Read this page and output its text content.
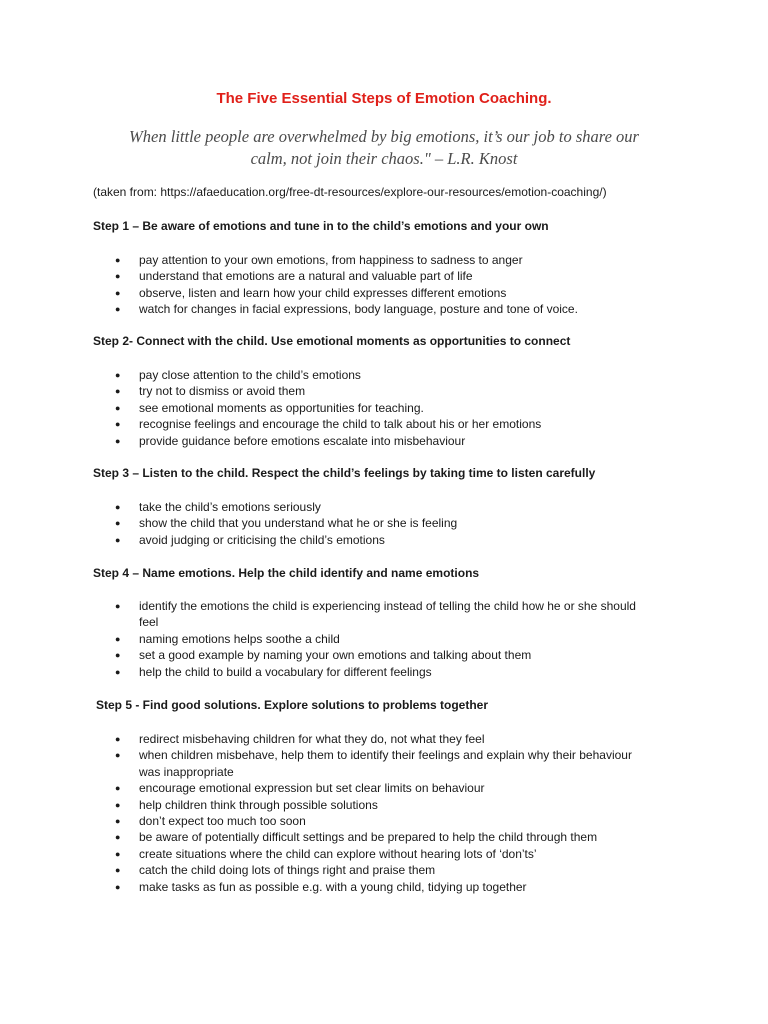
The Five Essential Steps of Emotion Coaching.

When little people are overwhelmed by big emotions, it’s our job to share our
calm, not join their chaos." – L.R. Knost

(taken from: https://afaeducation.org/free-dt-resources/explore-our-resources/emotion-coaching/)

Step 1 – Be aware of emotions and tune in to the child’s emotions and your own

● pay attention to your own emotions, from happiness to sadness to anger
● understand that emotions are a natural and valuable part of life
● observe, listen and learn how your child expresses different emotions
● watch for changes in facial expressions, body language, posture and tone of voice.

Step 2- Connect with the child. Use emotional moments as opportunities to connect

● pay close attention to the child’s emotions
● try not to dismiss or avoid them
● see emotional moments as opportunities for teaching.
● recognise feelings and encourage the child to talk about his or her emotions
● provide guidance before emotions escalate into misbehaviour

Step 3 – Listen to the child. Respect the child’s feelings by taking time to listen carefully

● take the child’s emotions seriously
● show the child that you understand what he or she is feeling
● avoid judging or criticising the child’s emotions

Step 4 – Name emotions. Help the child identify and name emotions

● identify the emotions the child is experiencing instead of telling the child how he or she should feel
● naming emotions helps soothe a child
● set a good example by naming your own emotions and talking about them
● help the child to build a vocabulary for different feelings

Step 5 - Find good solutions. Explore solutions to problems together

● redirect misbehaving children for what they do, not what they feel
● when children misbehave, help them to identify their feelings and explain why their behaviour was inappropriate
● encourage emotional expression but set clear limits on behaviour
● help children think through possible solutions
● don’t expect too much too soon
● be aware of potentially difficult settings and be prepared to help the child through them
● create situations where the child can explore without hearing lots of ‘don’ts’
● catch the child doing lots of things right and praise them
● make tasks as fun as possible e.g. with a young child, tidying up together
